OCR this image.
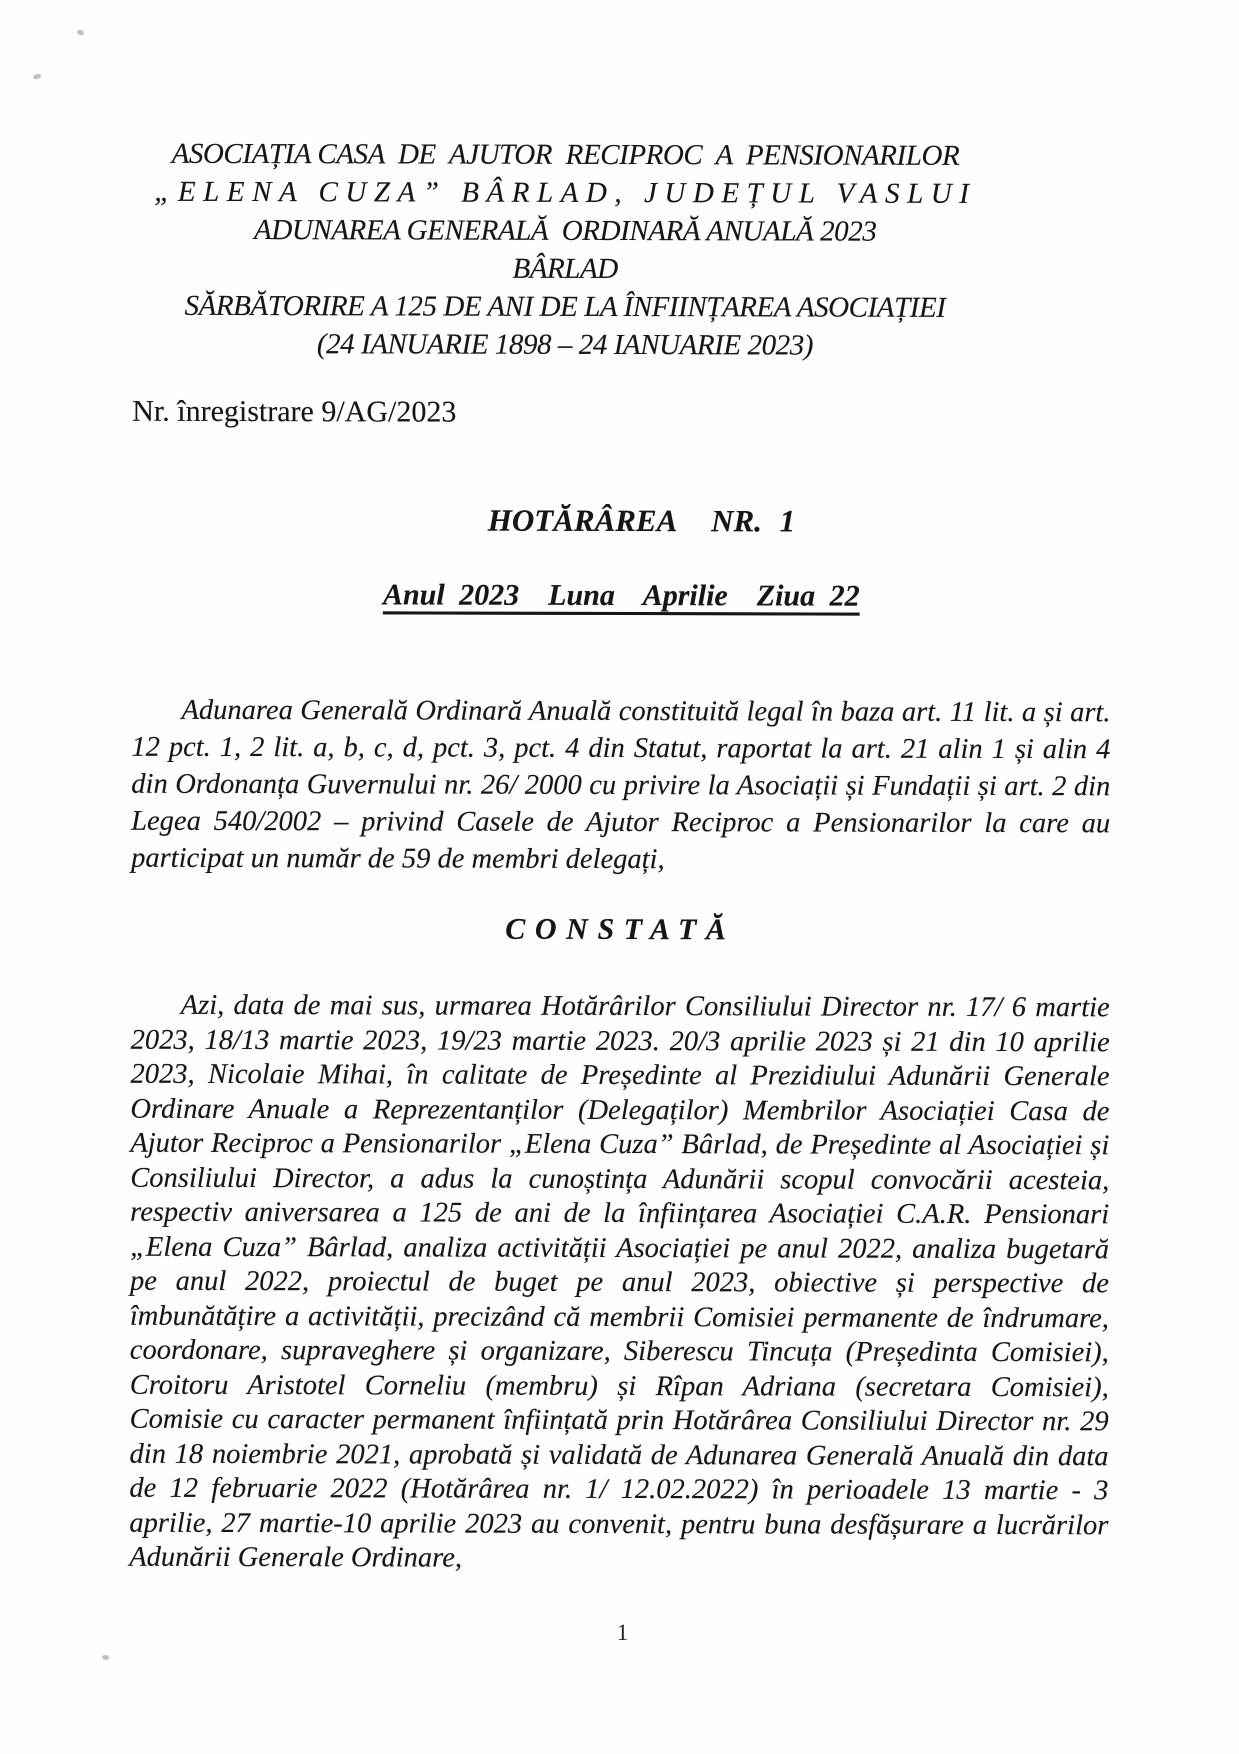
ASOCIAȚIA CASA  DE  AJUTOR  RECIPROC  A  PENSIONARILOR
„ELENA CUZA” BÂRLAD, JUDEȚUL VASLUI
ADUNAREA GENERALĂ  ORDINARĂ ANUALĂ 2023
BÂRLAD
SĂRBĂTORIRE A 125 DE ANI DE LA ÎNFIINȚAREA ASOCIAȚIEI
(24 IANUARIE 1898 – 24 IANUARIE 2023)
Nr. înregistrare 9/AG/2023
HOTĂRÂREA  NR. 1
Anul 2023  Luna  Aprilie  Ziua 22

Adunarea Generală Ordinară Anuală constituită legal în baza art. 11 lit. a și art. 12 pct. 1, 2 lit. a, b, c, d, pct. 3, pct. 4 din Statut, raportat la art. 21 alin 1 și alin 4 din Ordonanța Guvernului nr. 26/ 2000 cu privire la Asociații și Fundații și art. 2 din Legea 540/2002 – privind Casele de Ajutor Reciproc a Pensionarilor la care au participat un număr de 59 de membri delegați,

CONSTATĂ

Azi, data de mai sus, urmarea Hotărârilor Consiliului Director nr. 17/ 6 martie 2023, 18/13 martie 2023, 19/23 martie 2023. 20/3 aprilie 2023 și 21 din 10 aprilie 2023, Nicolaie Mihai, în calitate de Președinte al Prezidiului Adunării Generale Ordinare Anuale a Reprezentanților (Delegaților) Membrilor Asociației Casa de Ajutor Reciproc a Pensionarilor „Elena Cuza” Bârlad, de Președinte al Asociației și Consiliului Director, a adus la cunoștința Adunării scopul convocării acesteia, respectiv aniversarea a 125 de ani de la înființarea Asociației C.A.R. Pensionari „Elena Cuza” Bârlad, analiza activității Asociației pe anul 2022, analiza bugetară pe anul 2022, proiectul de buget pe anul 2023, obiective și perspective de îmbunătățire a activității, precizând că membrii Comisiei permanente de îndrumare, coordonare, supraveghere și organizare, Siberescu Tincuța (Președinta Comisiei), Croitoru Aristotel Corneliu (membru) și Rîpan Adriana (secretara Comisiei), Comisie cu caracter permanent înființată prin Hotărârea Consiliului Director nr. 29 din 18 noiembrie 2021, aprobată și validată de Adunarea Generală Anuală din data de 12 februarie 2022 (Hotărârea nr. 1/ 12.02.2022) în perioadele 13 martie - 3 aprilie, 27 martie-10 aprilie 2023 au convenit, pentru buna desfășurare a lucrărilor Adunării Generale Ordinare,

1
